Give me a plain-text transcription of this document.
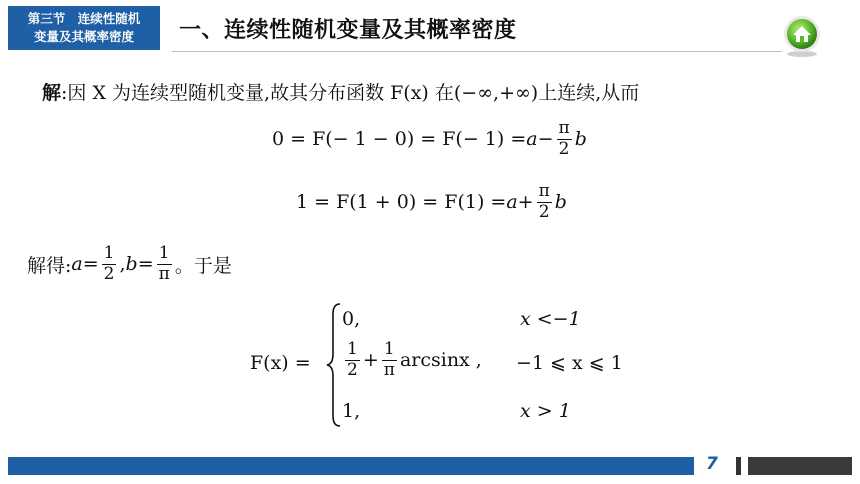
第三节　连续性随机
变量及其概率密度	一、连续性随机变量及其概率密度
解:因 X 为连续型随机变量,故其分布函数 F(x) 在(−∞,+∞)上连续,从而
$0 = F(- 1 - 0) = F(- 1) = a - \frac{\pi}{2}$ b
$1 = F(1 + 0) = F(1) = a + \frac{\pi}{2}$ b
解得: $a = \frac{1}{2}$ , $b = \frac{1}{\pi}$ 。于是
F(x) =
0,	x <−1
$\frac{1}{2} + \frac{1}{\pi}$ arcsinx , −1 ⩽ x ⩽ 1
1,	x > 1
7
